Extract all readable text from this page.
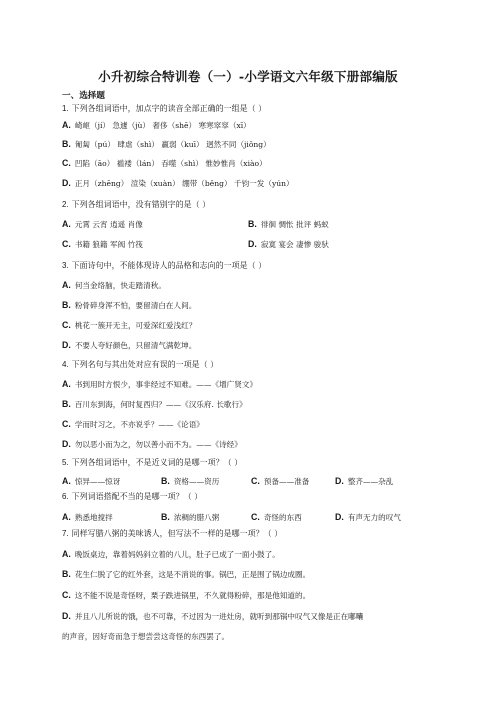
小升初综合特训卷（一）-小学语文六年级下册部编版
一、选择题
1. 下列各组词语中，加点字的读音全部正确的一组是（ ）
A. 崎岖（jí） 急遽（jù） 奢侈（shē） 寒寒窣窣（xī）
B. 匍匐（pú） 肆虐（shì） 羸弱（kuī） 迥然不同（jiǒng）
C. 凹陷（āo） 褴褛（lán） 吞噬（shì） 惟妙惟肖（xiào）
D. 正月（zhēng） 渲染（xuàn） 绷带（běng） 千钧一发（yún）
2. 下列各组词语中，没有错别字的是（ ）
A. 元霄 云宵 逍遥 肖像	B. 徘徊 惆怅 批评 蚂蚁
C. 书籍 狼籍 军阀 竹筏	D. 寂寞 宴会 凄惨 骏驮
3. 下面诗句中，不能体现诗人的品格和志向的一项是（ ）
A. 何当金络脑，快走踏清秋。
B. 粉骨碎身浑不怕，要留清白在人间。
C. 桃花一簇开无主，可爱深红爱浅红？
D. 不要人夸好颜色，只留清气满乾坤。
4. 下列名句与其出处对应有误的一项是（ ）
A. 书到用时方恨少，事非经过不知难。——《增广贤文》
B. 百川东到海，何时复西归？——《汉乐府. 长歌行》
C. 学而时习之，不亦说乎？——《论语》
D. 勿以恶小而为之，勿以善小而不为。——《诗经》
5. 下列各组词语中，不是近义词的是哪一项？（ ）
A. 惊异——惊讶	B. 资格——资历	C. 预备——准备	D. 整齐——杂乱
6. 下列词语搭配不当的是哪一项？（ ）
A. 熟悉地搅拌	B. 浓稠的腊八粥	C. 奇怪的东西	D. 有声无力的叹气
7. 同样写腊八粥的美味诱人，但写法不一样的是哪一项？（ ）
A. 晚饭桌边，靠着妈妈斜立着的八儿，肚子已成了一面小鼓了。
B. 花生仁脱了它的红外套，这是不消说的事。锅巴，正是围了锅边成圈。
C. 这不能不说是奇怪呀，栗子跌进锅里，不久就得粉碎，那是他知道的。
D. 并且八儿所说的饿，也不可靠，不过因为一进灶房，就听到那锅中叹气又像是正在嘟囔
的声音，因好奇而急于想尝尝这奇怪的东西罢了。
